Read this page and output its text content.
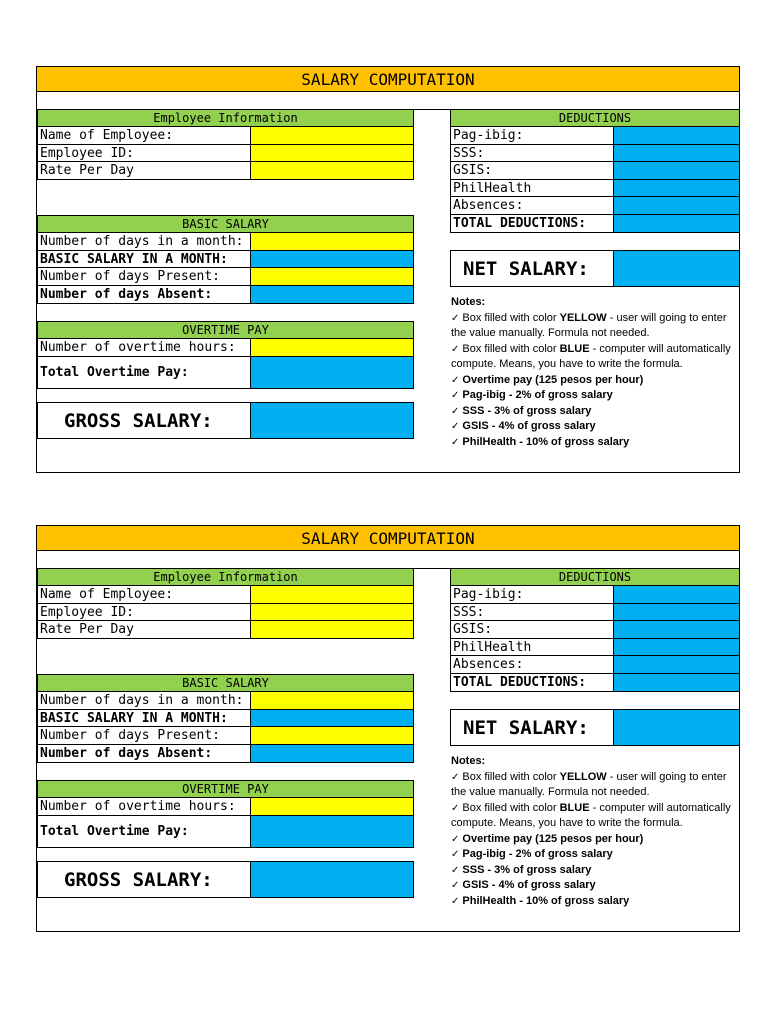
SALARY COMPUTATION
Employee Information
Name of Employee:
Employee ID:
Rate Per Day
BASIC SALARY
Number of days in a month:
BASIC SALARY IN A MONTH:
Number of days Present:
Number of days Absent:
OVERTIME PAY
Number of overtime hours:
Total Overtime Pay:
GROSS SALARY:
DEDUCTIONS
Pag-ibig:
SSS:
GSIS:
PhilHealth
Absences:
TOTAL DEDUCTIONS:
NET SALARY:
Notes:
✓ Box filled with color YELLOW - user will going to enter the value manually. Formula not needed.
✓ Box filled with color BLUE - computer will automatically compute. Means, you have to write the formula.
✓ Overtime pay (125 pesos per hour)
✓ Pag-ibig - 2% of gross salary
✓ SSS - 3% of gross salary
✓ GSIS - 4% of gross salary
✓ PhilHealth - 10% of gross salary
SALARY COMPUTATION
Employee Information
Name of Employee:
Employee ID:
Rate Per Day
BASIC SALARY
Number of days in a month:
BASIC SALARY IN A MONTH:
Number of days Present:
Number of days Absent:
OVERTIME PAY
Number of overtime hours:
Total Overtime Pay:
GROSS SALARY:
DEDUCTIONS
Pag-ibig:
SSS:
GSIS:
PhilHealth
Absences:
TOTAL DEDUCTIONS:
NET SALARY:
Notes:
✓ Box filled with color YELLOW - user will going to enter the value manually. Formula not needed.
✓ Box filled with color BLUE - computer will automatically compute. Means, you have to write the formula.
✓ Overtime pay (125 pesos per hour)
✓ Pag-ibig - 2% of gross salary
✓ SSS - 3% of gross salary
✓ GSIS - 4% of gross salary
✓ PhilHealth - 10% of gross salary
